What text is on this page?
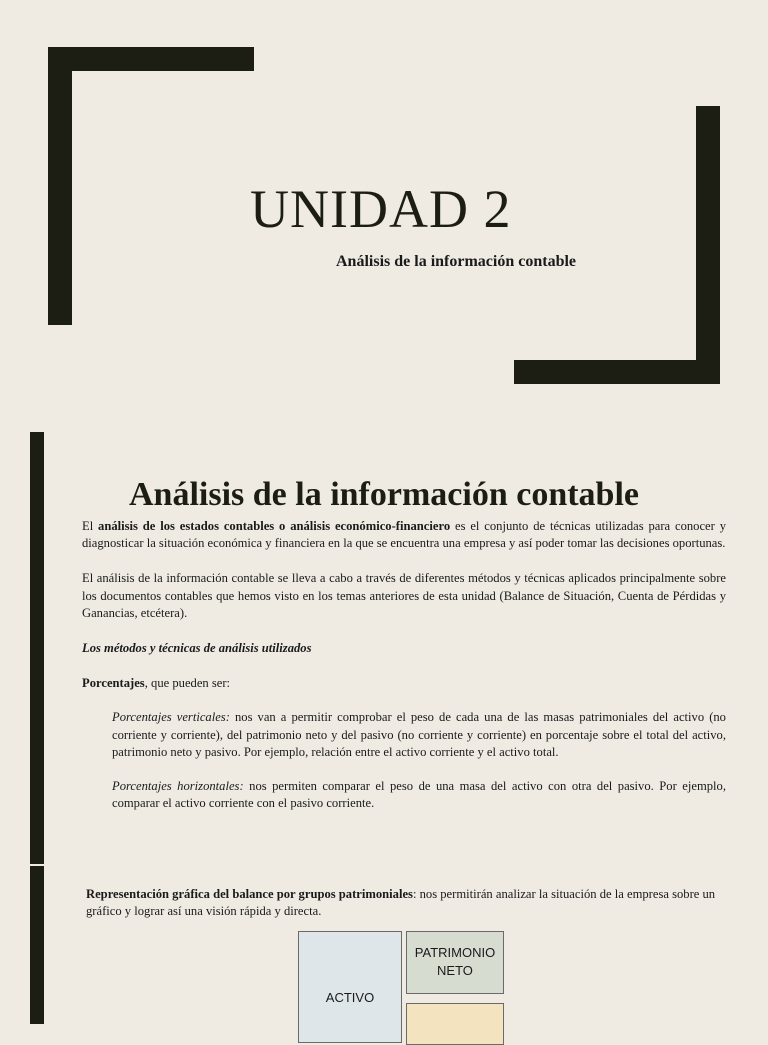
UNIDAD 2

Análisis de la información contable

Análisis de la información contable

El análisis de los estados contables o análisis económico-financiero es el conjunto de técnicas utilizadas para conocer y diagnosticar la situación económica y financiera en la que se encuentra una empresa y así poder tomar las decisiones oportunas.

El análisis de la información contable se lleva a cabo a través de diferentes métodos y técnicas aplicados principalmente sobre los documentos contables que hemos visto en los temas anteriores de esta unidad (Balance de Situación, Cuenta de Pérdidas y Ganancias, etcétera).

Los métodos y técnicas de análisis utilizados

Porcentajes, que pueden ser:

Porcentajes verticales: nos van a permitir comprobar el peso de cada una de las masas patrimoniales del activo (no corriente y corriente), del patrimonio neto y del pasivo (no corriente y corriente) en porcentaje sobre el total del activo, patrimonio neto y pasivo. Por ejemplo, relación entre el activo corriente y el activo total.

Porcentajes horizontales: nos permiten comparar el peso de una masa del activo con otra del pasivo. Por ejemplo, comparar el activo corriente con el pasivo corriente.

Representación gráfica del balance por grupos patrimoniales: nos permitirán analizar la situación de la empresa sobre un gráfico y lograr así una visión rápida y directa.
ACTIVO
PATRIMONIO NETO
